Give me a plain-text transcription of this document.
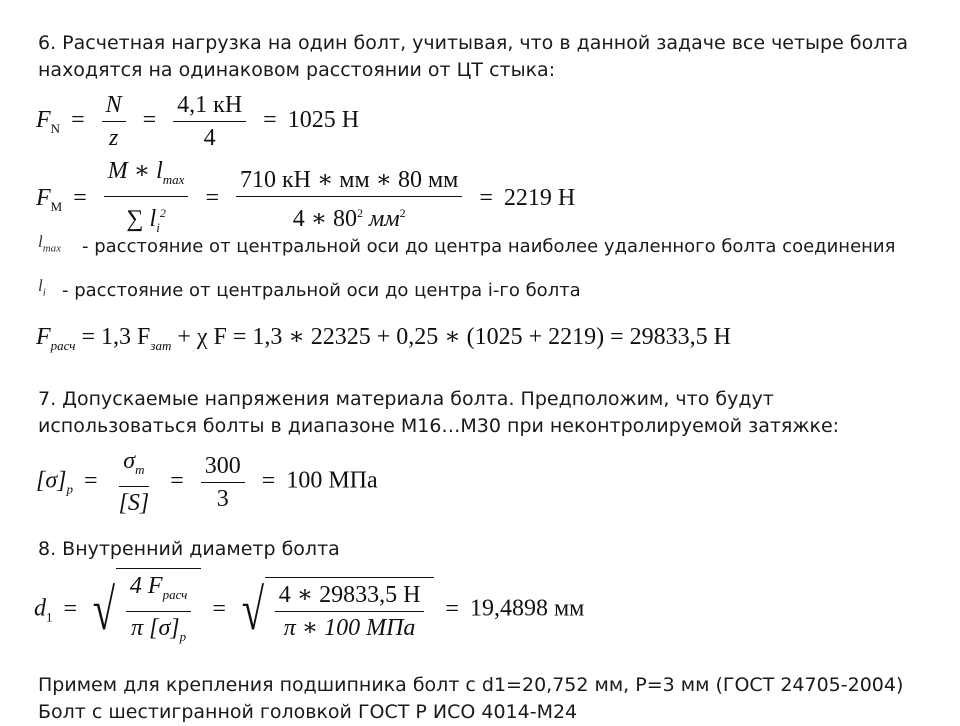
6. Расчетная нагрузка на один болт, учитывая, что в данной задаче все четыре болта
находятся на одинаковом расстоянии от ЦТ стыка:
$F_N = \frac{N}{z} = \frac{4,1 кН}{4} = 1025$ Н
$F_M = \frac{M ∗ l_{max}}{\sum l_i^2} = \frac{710 кН ∗ мм ∗ 80 мм}{4 ∗ 80^2 мм^2} = 2219$ Н
$l_{max}$ - расстояние от центральной оси до центра наиболее удаленного болта соединения
$l_i$ - расстояние от центральной оси до центра i-го болта
$F_{расч} = 1,3$ $F_{зат} + \chi$ F = 1,3 ∗ 22325 + 0,25 ∗ (1025 + 2219) = 29833,5 Н
7. Допускаемые напряжения материала болта. Предположим, что будут
использоваться болты в диапазоне М16…М30 при неконтролируемой затяжке:
$[\sigma]_p = \frac{\sigma_m}{[S]} = \frac{300}{3} = 100$ МПа
8. Внутренний диаметр болта
$d_1$ = √ $\frac{4 F_{расч}}{\pi [\sigma]_p}$ = √ $\frac{4 ∗ 29833,5 Н}{\text{π ∗ 100 МПа}} = 19,4898$ мм
Примем для крепления подшипника болт с d1=20,752 мм, P=3 мм (ГОСТ 24705-2004)
Болт с шестигранной головкой ГОСТ Р ИСО 4014-М24
